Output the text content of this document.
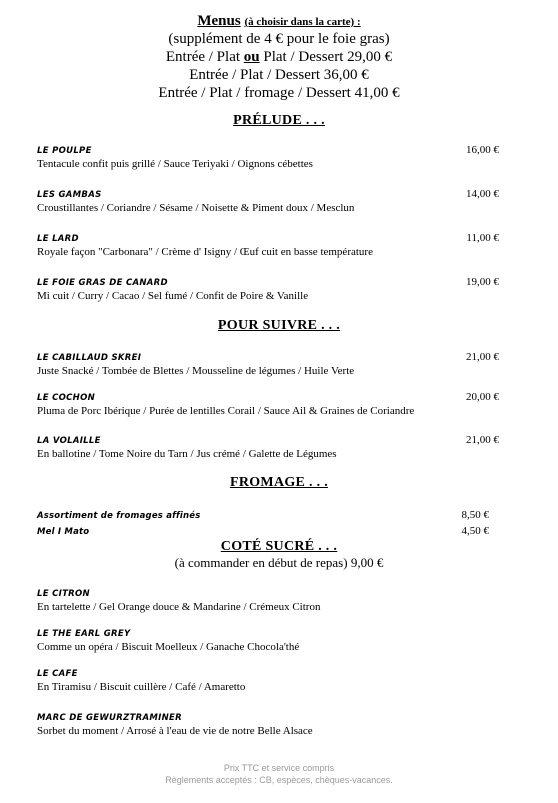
Menus (à choisir dans la carte) :
(supplément de 4 € pour le foie gras)
Entrée / Plat ou Plat / Dessert 29,00 €
Entrée / Plat / Dessert 36,00 €
Entrée / Plat / fromage / Dessert 41,00 €
PRÉLUDE . . .
LE POULPE
Tentacule confit puis grillé / Sauce Teriyaki / Oignons cébettes
16,00 €
LES GAMBAS
Croustillantes / Coriandre / Sésame / Noisette & Piment doux / Mesclun
14,00 €
LE LARD
Royale façon "Carbonara" / Crème d' Isigny / Œuf cuit en basse température
11,00 €
LE FOIE GRAS DE CANARD
Mi cuit / Curry / Cacao / Sel fumé / Confit de Poire & Vanille
19,00 €
POUR SUIVRE . . .
LE CABILLAUD SKREI
Juste Snacké / Tombée de Blettes / Mousseline de légumes / Huile Verte
21,00 €
LE COCHON
Pluma de Porc Ibérique / Purée de lentilles Corail / Sauce Ail & Graines de Coriandre
20,00 €
LA VOLAILLE
En ballotine / Tome Noire du Tarn / Jus crémé / Galette de Légumes
21,00 €
FROMAGE . . .
Assortiment de fromages affinés	8,50 €
Mel I Mato	4,50 €
COTÉ SUCRÉ . . .
(à commander en début de repas) 9,00 €
LE CITRON
En tartelette / Gel Orange douce & Mandarine / Crémeux Citron
LE THE EARL GREY
Comme un opéra / Biscuit Moelleux / Ganache Chocola'thé
LE CAFE
En Tiramisu / Biscuit cuillère / Café / Amaretto
MARC DE GEWURZTRAMINER
Sorbet du moment / Arrosé à l'eau de vie de notre Belle Alsace
Prix TTC et service compris
Règlements acceptés : CB, espèces, chèques-vacances.
